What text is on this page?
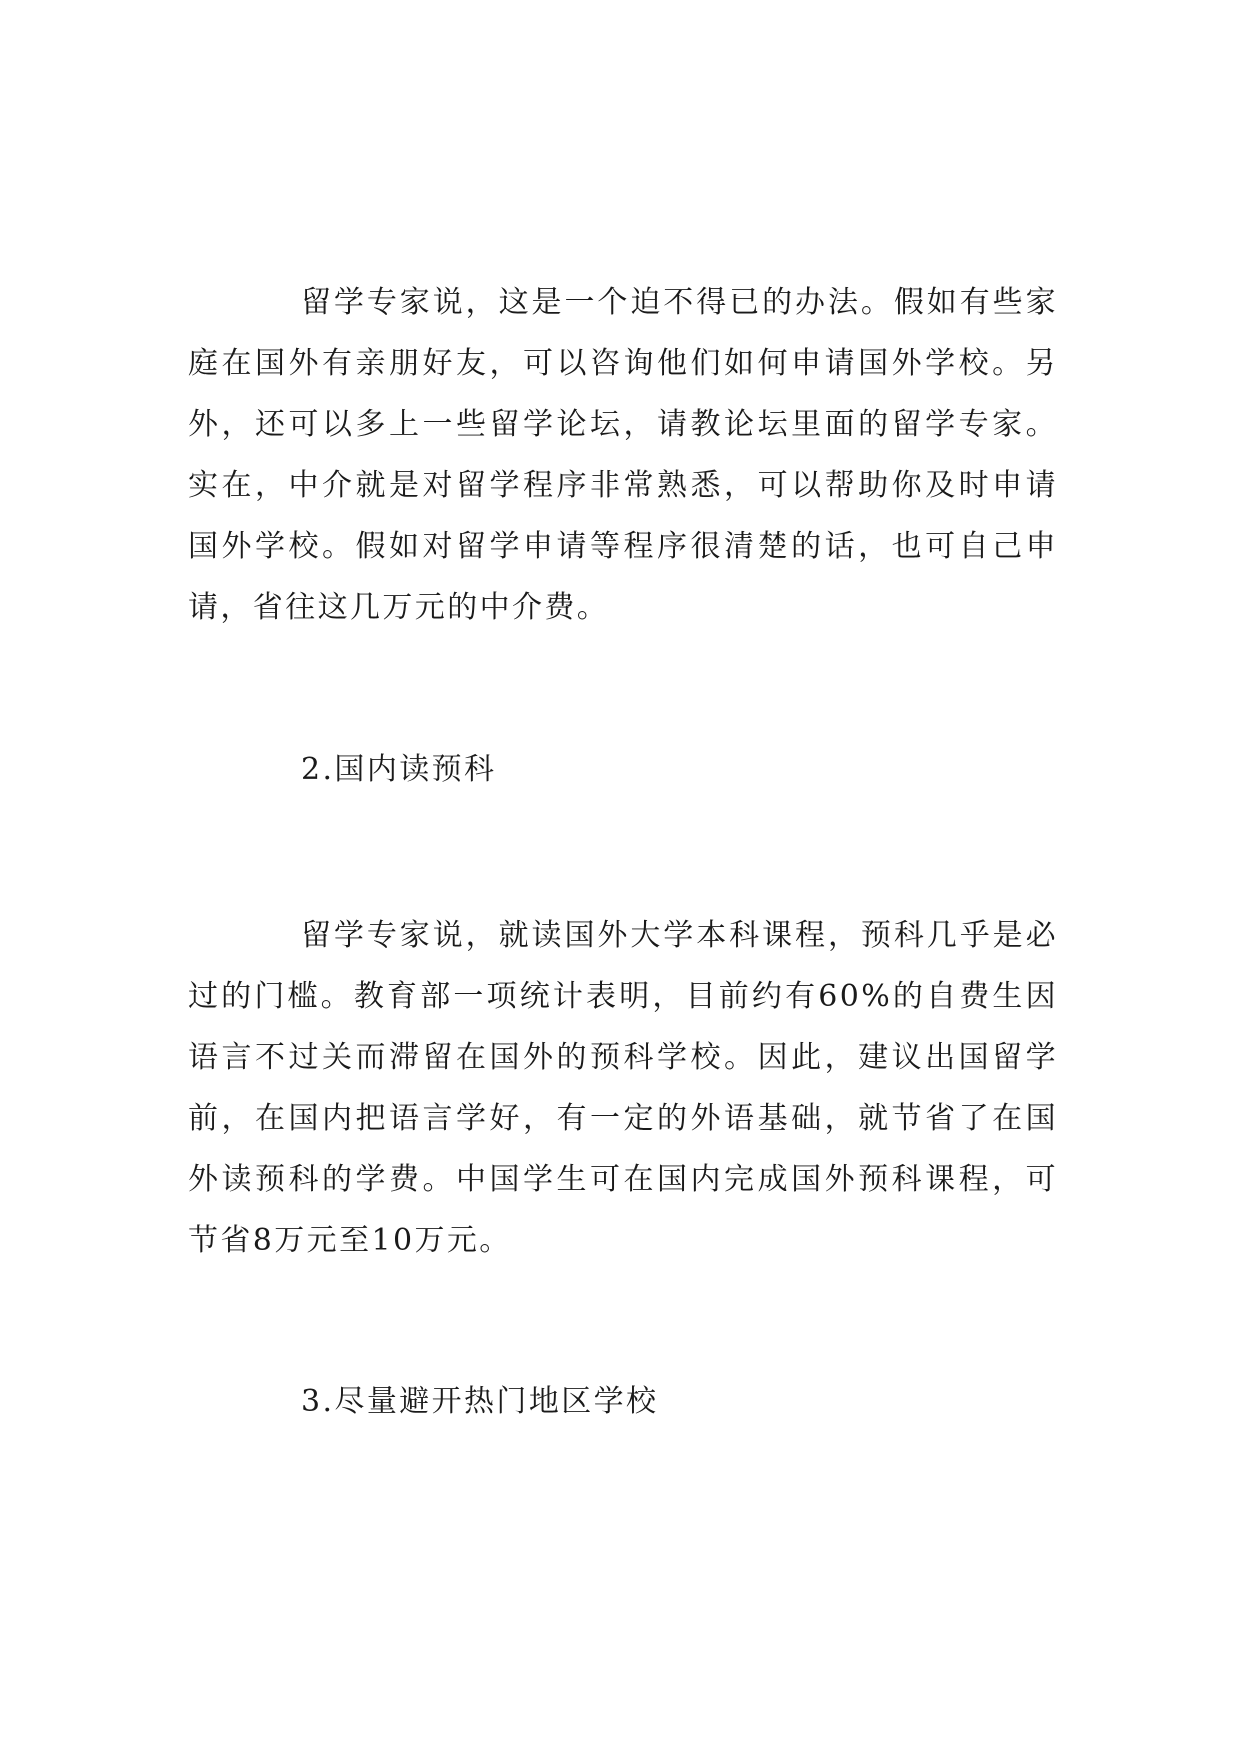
留学专家说，这是一个迫不得已的办法。假如有些家庭在国外有亲朋好友，可以咨询他们如何申请国外学校。另外，还可以多上一些留学论坛，请教论坛里面的留学专家。实在，中介就是对留学程序非常熟悉，可以帮助你及时申请国外学校。假如对留学申请等程序很清楚的话，也可自己申请，省往这几万元的中介费。

2.国内读预科

留学专家说，就读国外大学本科课程，预科几乎是必过的门槛。教育部一项统计表明，目前约有60%的自费生因语言不过关而滞留在国外的预科学校。因此，建议出国留学前，在国内把语言学好，有一定的外语基础，就节省了在国外读预科的学费。中国学生可在国内完成国外预科课程，可节省8万元至10万元。

3.尽量避开热门地区学校
